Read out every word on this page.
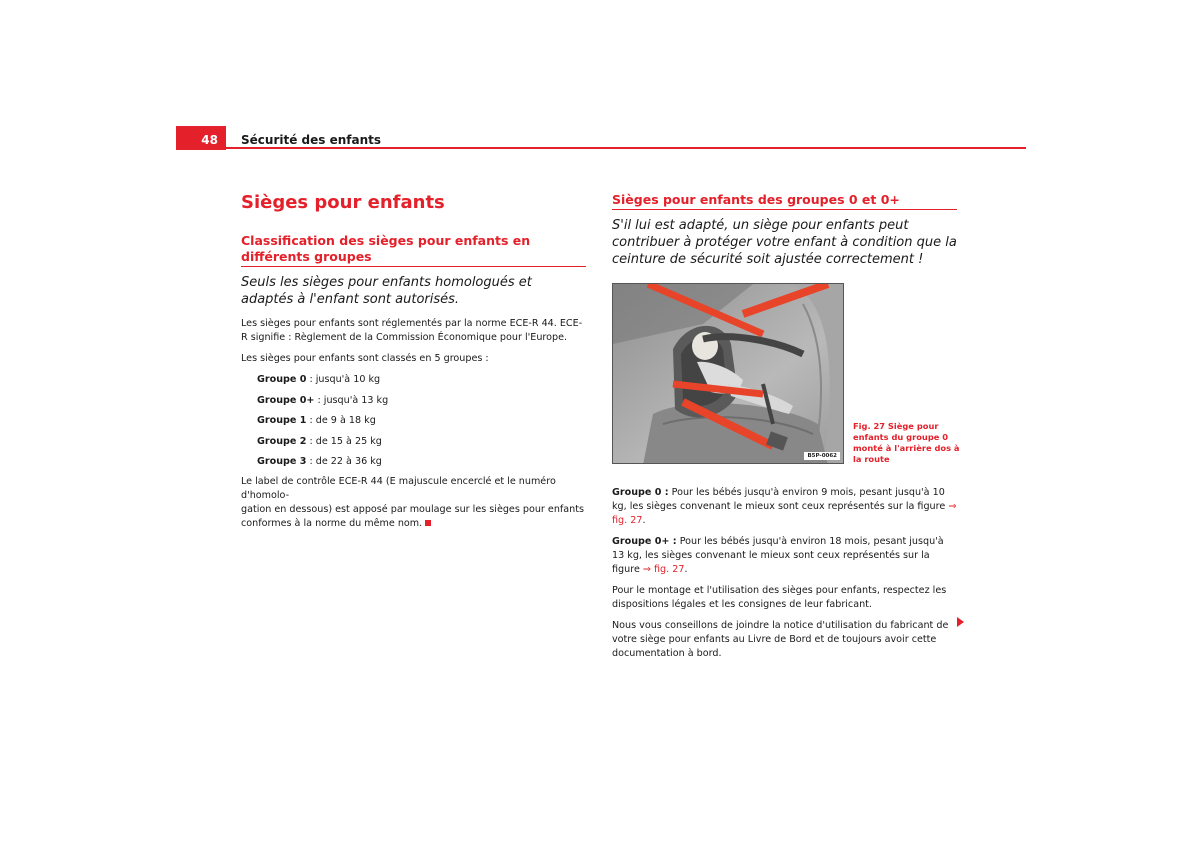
48	Sécurité des enfants
Sièges pour enfants
Classification des sièges pour enfants en différents groupes
Seuls les sièges pour enfants homologués et adaptés à l'enfant sont autorisés.

Les sièges pour enfants sont réglementés par la norme ECE-R 44. ECE-R signifie : Règlement de la Commission Économique pour l'Europe.

Les sièges pour enfants sont classés en 5 groupes :

Groupe 0 : jusqu'à 10 kg

Groupe 0+ : jusqu'à 13 kg

Groupe 1 : de 9 à 18 kg

Groupe 2 : de 15 à 25 kg

Groupe 3 : de 22 à 36 kg

Le label de contrôle ECE-R 44 (E majuscule encerclé et le numéro d'homolo-
gation en dessous) est apposé par moulage sur les sièges pour enfants
conformes à la norme du même nom.

Sièges pour enfants des groupes 0 et 0+
S'il lui est adapté, un siège pour enfants peut contribuer à protéger votre enfant à condition que la ceinture de sécurité soit ajustée correctement !
B5P-0062
Fig. 27 Siège pour enfants du groupe 0 monté à l'arrière dos à la route

Groupe 0 : Pour les bébés jusqu'à environ 9 mois, pesant jusqu'à 10 kg, les sièges convenant le mieux sont ceux représentés sur la figure ⇒ fig. 27.

Groupe 0+ : Pour les bébés jusqu'à environ 18 mois, pesant jusqu'à 13 kg, les sièges convenant le mieux sont ceux représentés sur la figure ⇒ fig. 27.

Pour le montage et l'utilisation des sièges pour enfants, respectez les dispositions légales et les consignes de leur fabricant.

Nous vous conseillons de joindre la notice d'utilisation du fabricant de votre siège pour enfants au Livre de Bord et de toujours avoir cette documentation à bord.
